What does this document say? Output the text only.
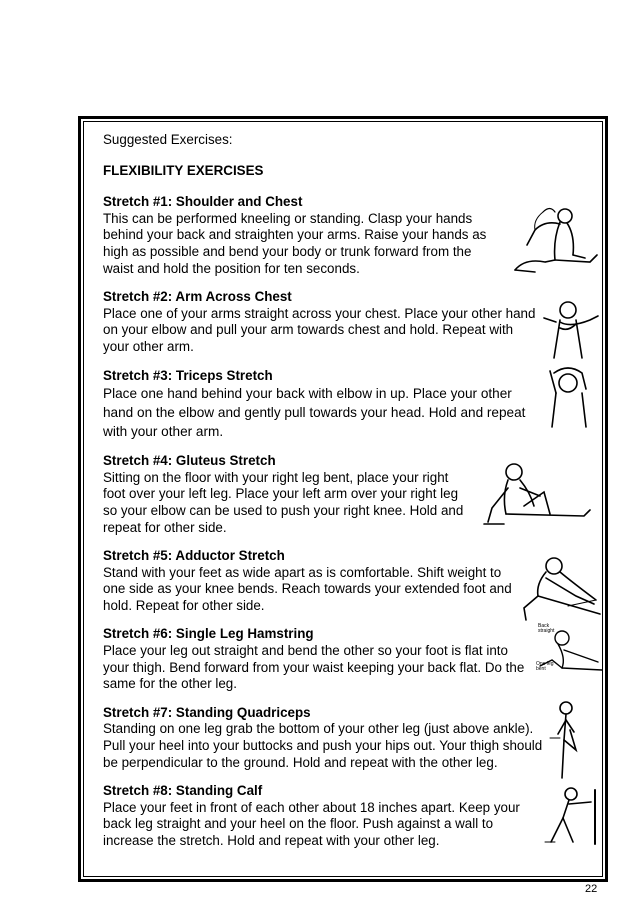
Suggested Exercises:

FLEXIBILITY EXERCISES

Stretch #1: Shoulder and Chest

This can be performed kneeling or standing. Clasp your hands

behind your back and straighten your arms. Raise your hands as

high as possible and bend your body or trunk forward from the

waist and hold the position for ten seconds.

Stretch #2: Arm Across Chest

Place one of your arms straight across your chest. Place your other hand

on your elbow and pull your arm towards chest and hold. Repeat with

your other arm.

Stretch #3: Triceps Stretch

Place one hand behind your back with elbow in up. Place your other

hand on the elbow and gently pull towards your head. Hold and repeat

with your other arm.

Stretch #4: Gluteus Stretch

Sitting on the floor with your right leg bent, place your right

foot over your left leg. Place your left arm over your right leg

so your elbow can be used to push your right knee. Hold and

repeat for other side.

Stretch #5: Adductor Stretch

Stand with your feet as wide apart as is comfortable. Shift weight to

one side as your knee bends. Reach towards your extended foot and

hold. Repeat for other side.

Stretch #6: Single Leg Hamstring

Place your leg out straight and bend the other so your foot is flat into

your thigh. Bend forward from your waist keeping your back flat. Do the

same for the other leg.

Stretch #7: Standing Quadriceps

Standing on one leg grab the bottom of your other leg (just above ankle).

Pull your heel into your buttocks and push your hips out. Your thigh should

be perpendicular to the ground. Hold and repeat with the other leg.

Stretch #8: Standing Calf

Place your feet in front of each other about 18 inches apart. Keep your

back leg straight and your heel on the floor. Push against a wall to

increase the stretch. Hold and repeat with your other leg.

Back straight
One leg bent
22
